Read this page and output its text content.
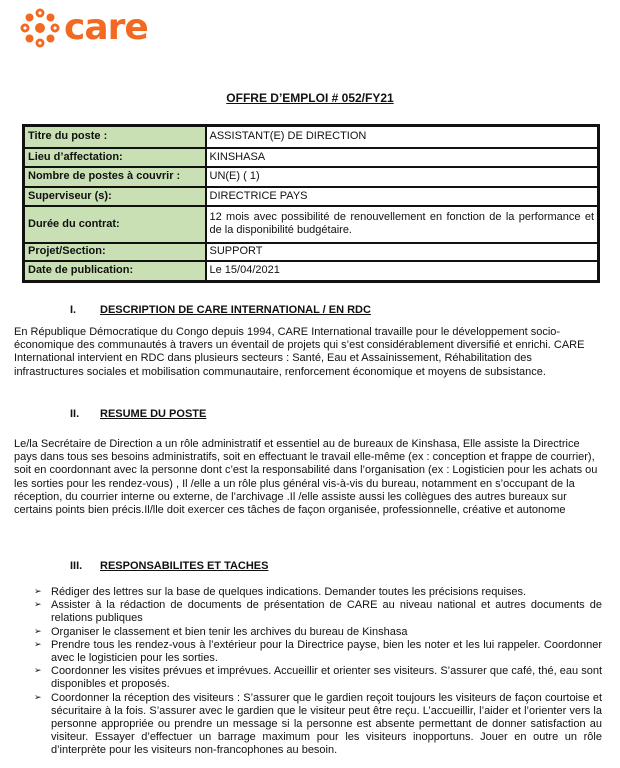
care
OFFRE D’EMPLOI # 052/FY21
Titre du poste :	ASSISTANT(E) DE DIRECTION
Lieu d’affectation:	KINSHASA
Nombre de postes à couvrir :	UN(E) ( 1)
Superviseur (s):	DIRECTRICE PAYS
Durée du contrat:	12 mois avec possibilité de renouvellement en fonction de la performance et de la disponibilité budgétaire.
Projet/Section:	SUPPORT
Date de publication:	Le 15/04/2021
I. DESCRIPTION DE CARE INTERNATIONAL / EN RDC
En République Démocratique du Congo depuis 1994, CARE International travaille pour le développement socio-économique des communautés à travers un éventail de projets qui s’est considérablement diversifié et enrichi. CARE International intervient en RDC dans plusieurs secteurs : Santé, Eau et Assainissement, Réhabilitation des infrastructures sociales et mobilisation communautaire, renforcement économique et moyens de subsistance.
II. RESUME DU POSTE
Le/la Secrétaire de Direction a un rôle administratif et essentiel au de bureaux de Kinshasa, Elle assiste la Directrice pays dans tous ses besoins administratifs, soit en effectuant le travail elle-même (ex : conception et frappe de courrier), soit en coordonnant avec la personne dont c’est la responsabilité dans l’organisation (ex : Logisticien pour les achats ou les sorties pour les rendez-vous) , Il /elle a un rôle plus général vis-à-vis du bureau, notamment en s’occupant de la réception, du courrier interne ou externe, de l’archivage .Il /elle assiste aussi les collègues des autres bureaux sur certains points bien précis.Il/lle doit exercer ces tâches de façon organisée, professionnelle, créative et autonome
III. RESPONSABILITES ET TACHES
➢ Rédiger des lettres sur la base de quelques indications. Demander toutes les précisions requises.
➢ Assister à la rédaction de documents de présentation de CARE au niveau national et autres documents de relations publiques
➢ Organiser le classement et bien tenir les archives du bureau de Kinshasa
➢ Prendre tous les rendez-vous à l’extérieur pour la Directrice payse, bien les noter et les lui rappeler. Coordonner avec le logisticien pour les sorties.
➢ Coordonner les visites prévues et imprévues. Accueillir et orienter ses visiteurs. S’assurer que café, thé, eau sont disponibles et proposés.
➢ Coordonner la réception des visiteurs : S’assurer que le gardien reçoit toujours les visiteurs de façon courtoise et sécuritaire à la fois. S’assurer avec le gardien que le visiteur peut être reçu. L’accueillir, l’aider et l’orienter vers la personne appropriée ou prendre un message si la personne est absente permettant de donner satisfaction au visiteur. Essayer d’effectuer un barrage maximum pour les visiteurs inopportuns. Jouer en outre un rôle d’interprète pour les visiteurs non-francophones au besoin.
